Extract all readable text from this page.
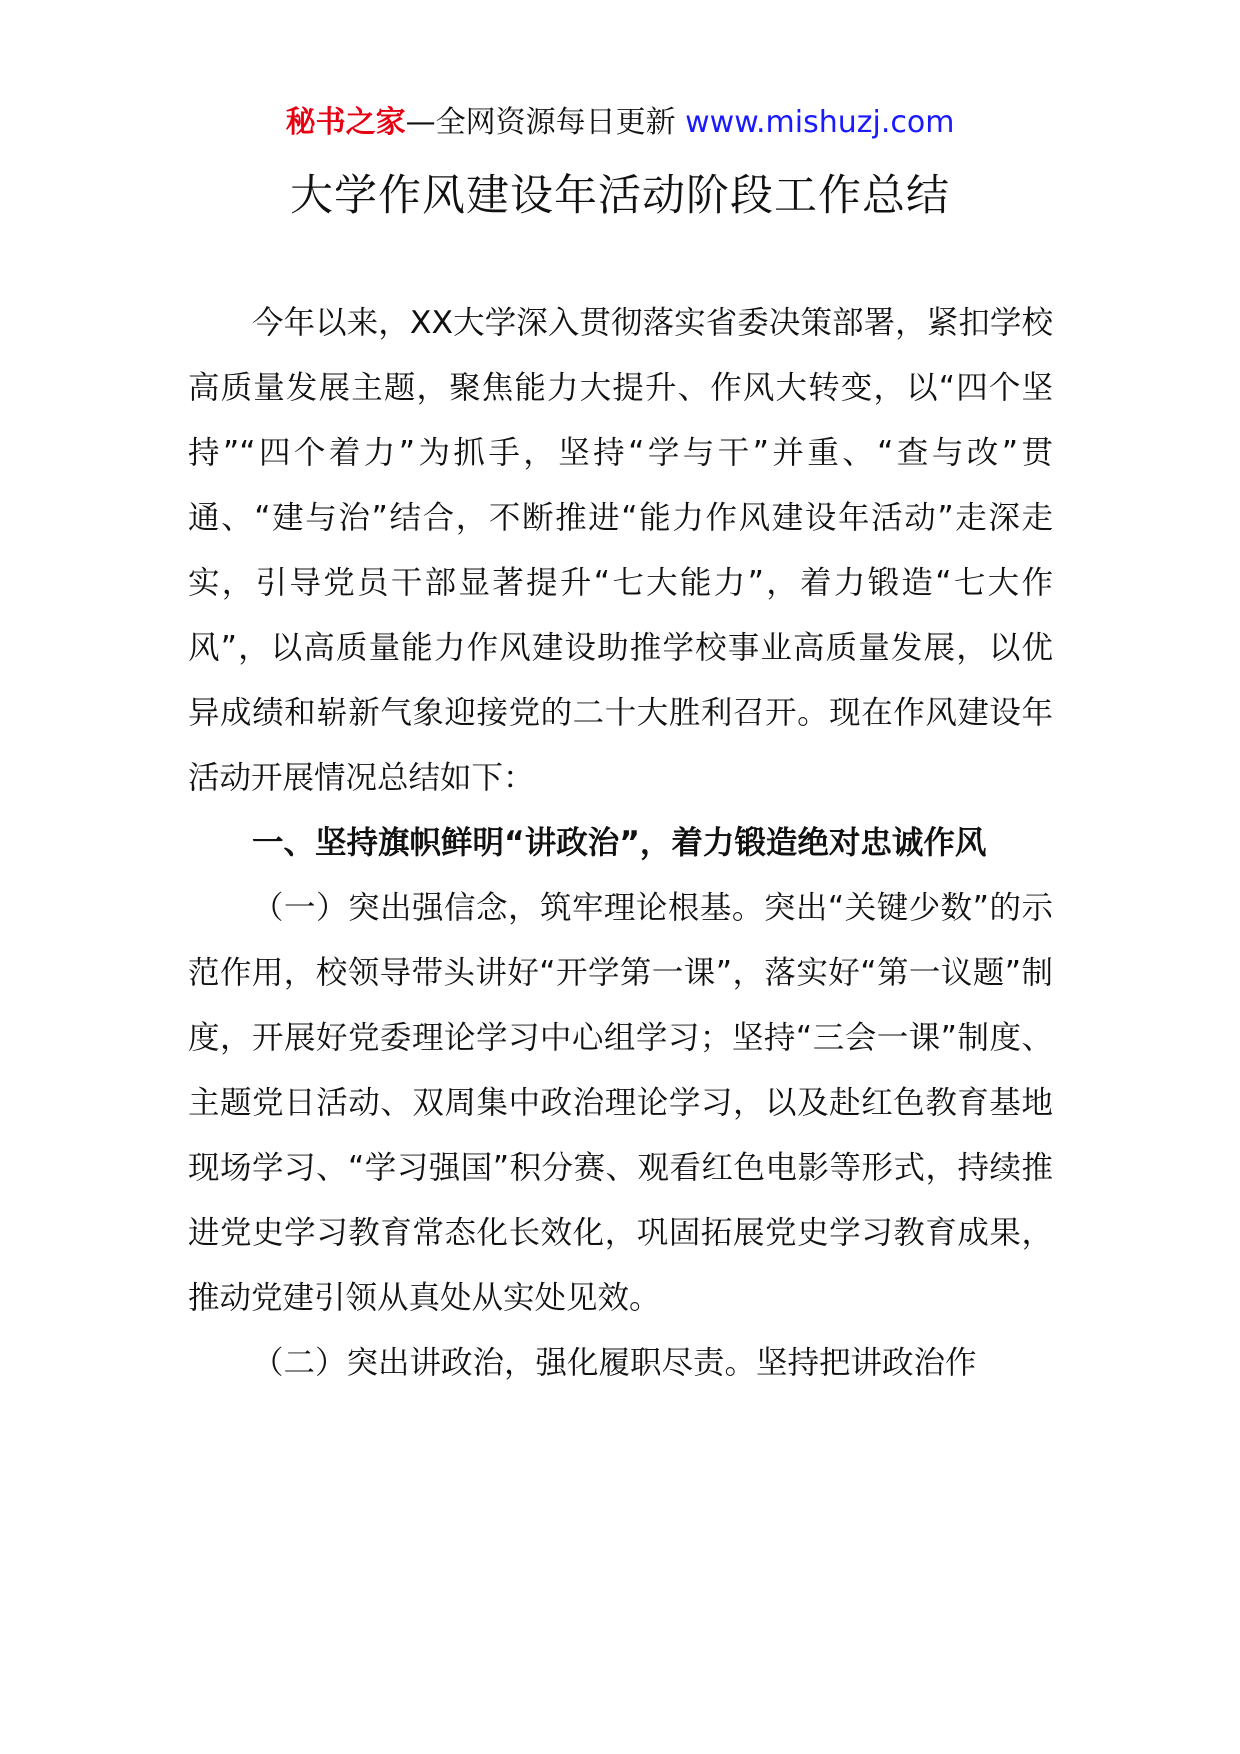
秘书之家—全网资源每日更新 www.mishuzj.com
大学作风建设年活动阶段工作总结

今年以来，XX大学深入贯彻落实省委决策部署，紧扣学校高质量发展主题，聚焦能力大提升、作风大转变，以“四个坚持”“四个着力”为抓手，坚持“学与干”并重、“查与改”贯通、“建与治”结合，不断推进“能力作风建设年活动”走深走实，引导党员干部显著提升“七大能力”，着力锻造“七大作风”，以高质量能力作风建设助推学校事业高质量发展，以优异成绩和崭新气象迎接党的二十大胜利召开。现在作风建设年活动开展情况总结如下：

一、坚持旗帜鲜明“讲政治”，着力锻造绝对忠诚作风

（一）突出强信念，筑牢理论根基。突出“关键少数”的示范作用，校领导带头讲好“开学第一课”，落实好“第一议题”制度，开展好党委理论学习中心组学习；坚持“三会一课”制度、主题党日活动、双周集中政治理论学习，以及赴红色教育基地现场学习、“学习强国”积分赛、观看红色电影等形式，持续推进党史学习教育常态化长效化，巩固拓展党史学习教育成果，推动党建引领从真处从实处见效。

（二）突出讲政治，强化履职尽责。坚持把讲政治作
